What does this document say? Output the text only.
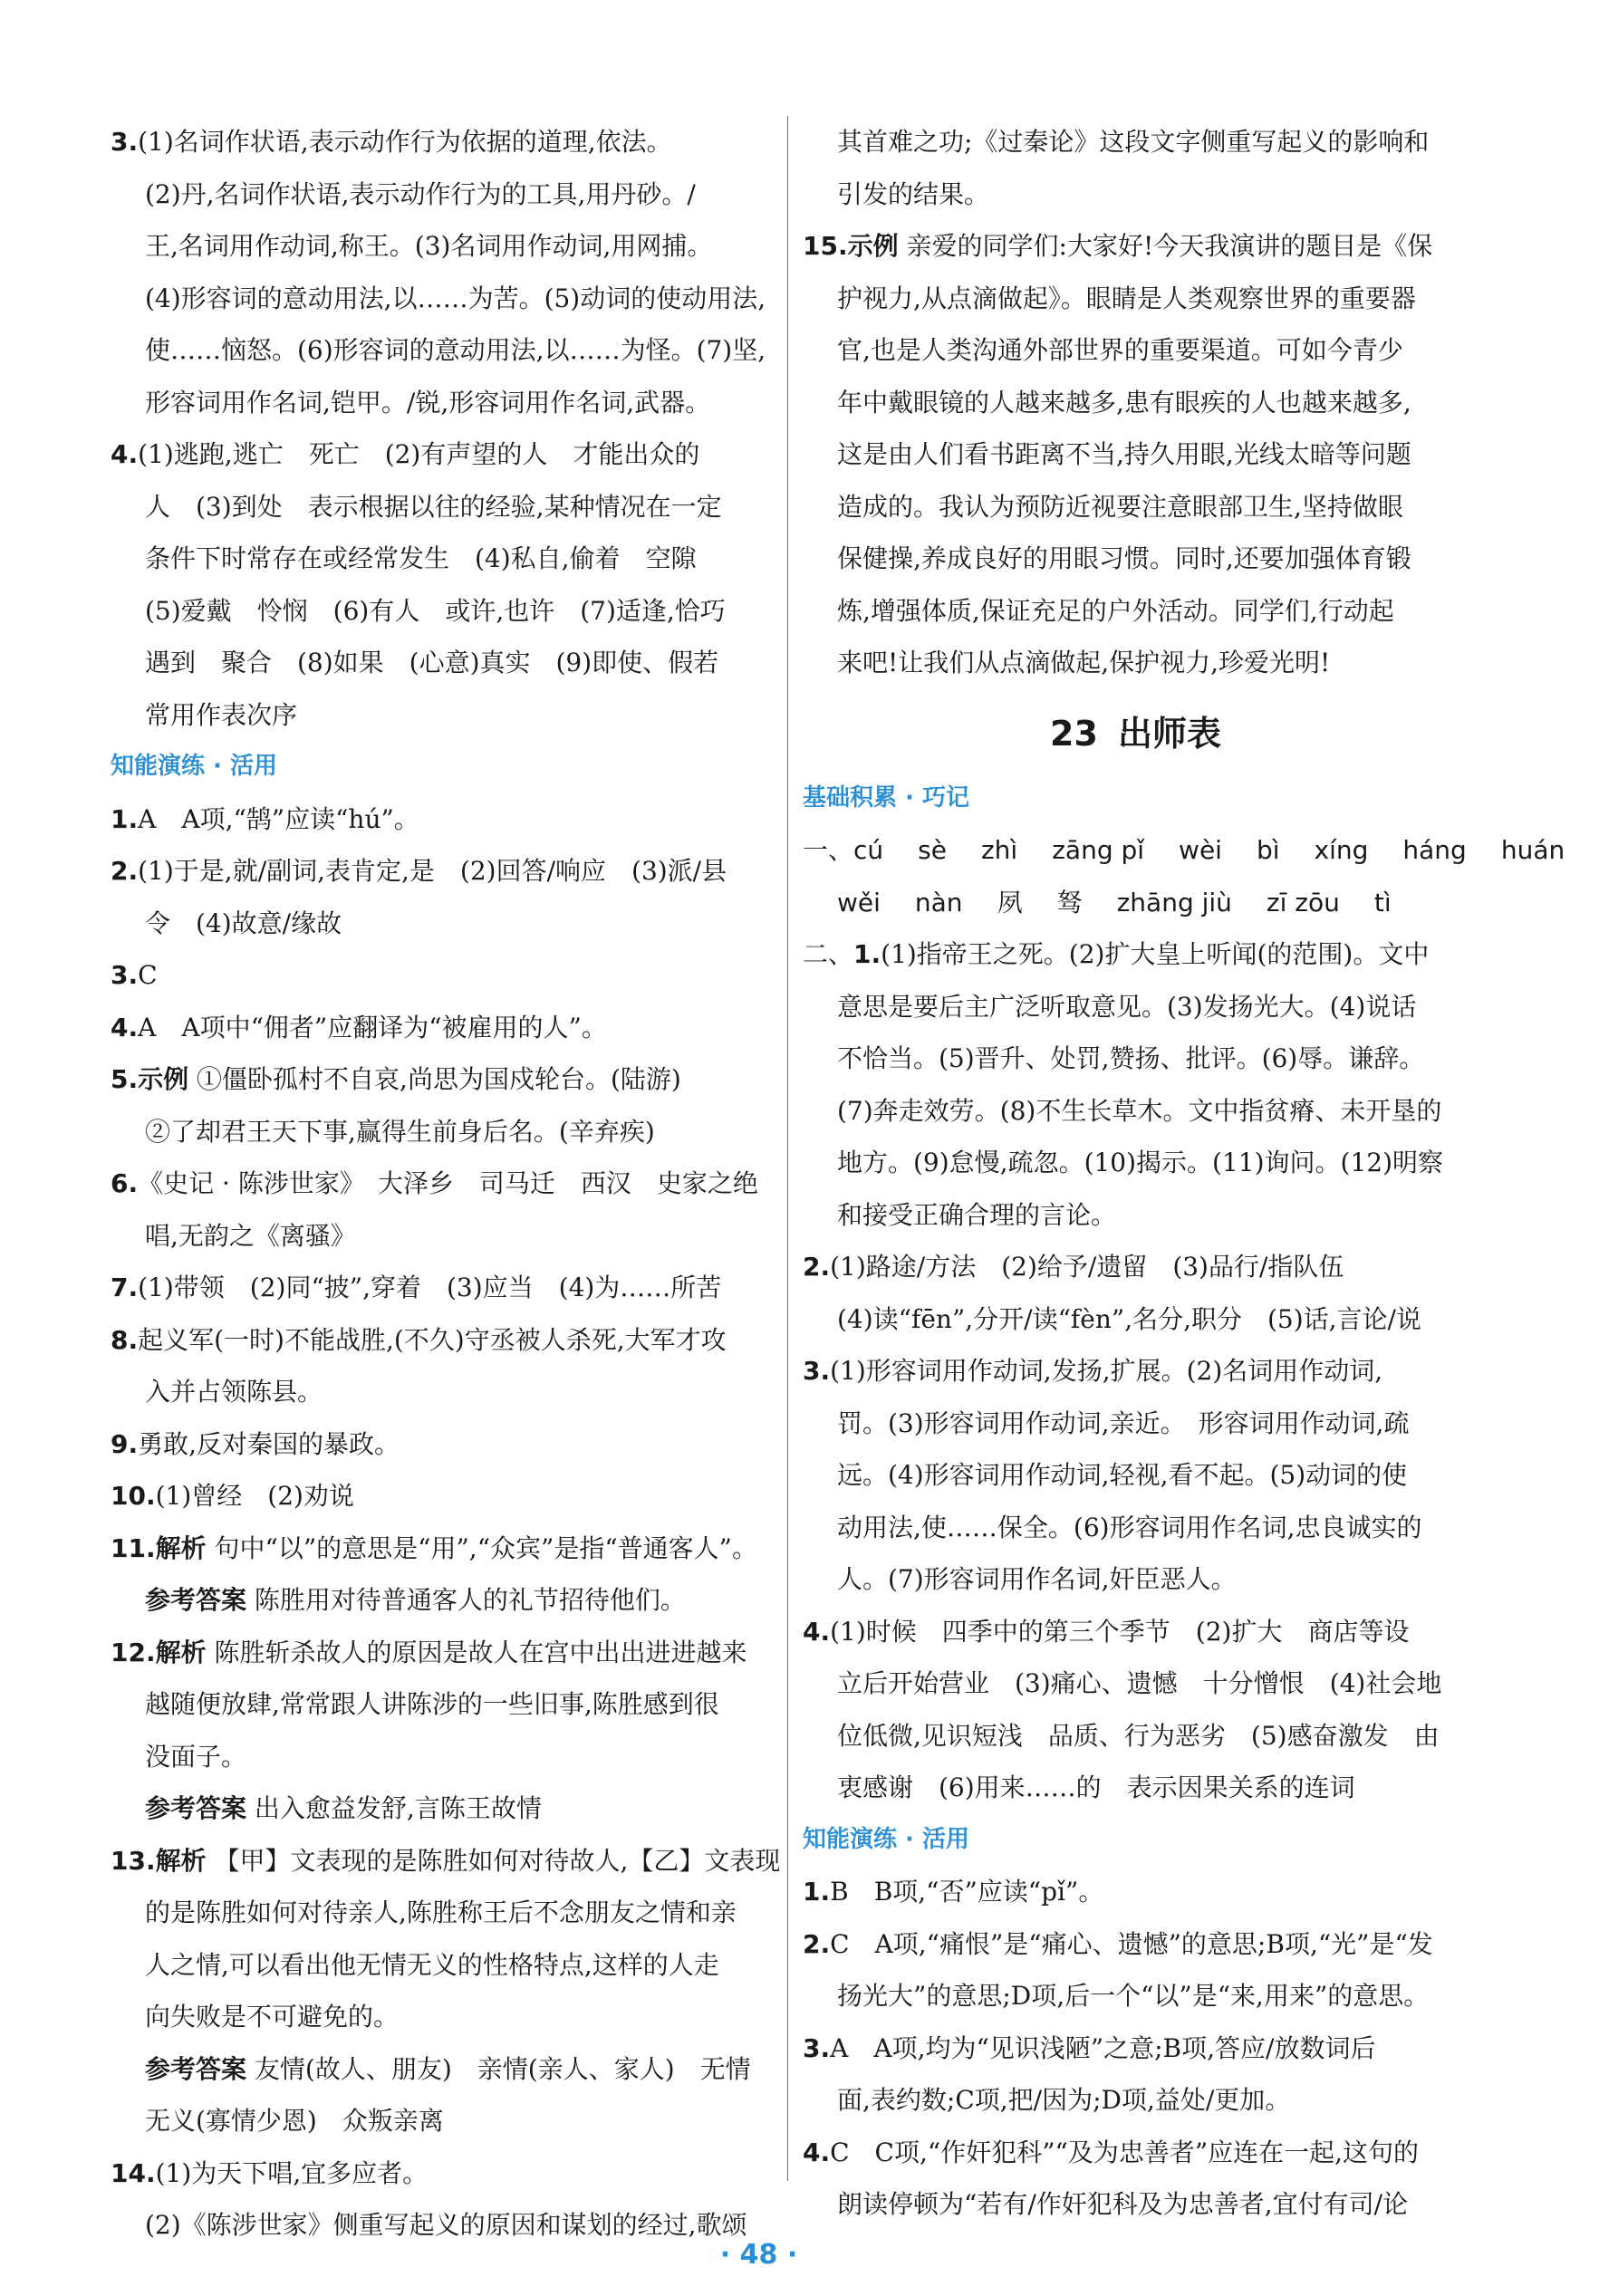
3.(1)名词作状语,表示动作行为依据的道理,依法。
(2)丹,名词作状语,表示动作行为的工具,用丹砂。/
王,名词用作动词,称王。(3)名词用作动词,用网捕。
(4)形容词的意动用法,以……为苦。(5)动词的使动用法,
使……恼怒。(6)形容词的意动用法,以……为怪。(7)坚,
形容词用作名词,铠甲。/锐,形容词用作名词,武器。
4.(1)逃跑,逃亡　死亡　(2)有声望的人　才能出众的
人　(3)到处　表示根据以往的经验,某种情况在一定
条件下时常存在或经常发生　(4)私自,偷着　空隙
(5)爱戴　怜悯　(6)有人　或许,也许　(7)适逢,恰巧
遇到　聚合　(8)如果　(心意)真实　(9)即使、假若
常用作表次序
知能演练 · 活用
1.A　A项,“鹄”应读“hú”。
2.(1)于是,就/副词,表肯定,是　(2)回答/响应　(3)派/县
令　(4)故意/缘故
3.C
4.A　A项中“佣者”应翻译为“被雇用的人”。
5.示例 ①僵卧孤村不自哀,尚思为国戍轮台。(陆游)
②了却君王天下事,赢得生前身后名。(辛弃疾)
6.《史记 · 陈涉世家》　大泽乡　司马迁　西汉　史家之绝
唱,无韵之《离骚》
7.(1)带领　(2)同“披”,穿着　(3)应当　(4)为……所苦
8.起义军(一时)不能战胜,(不久)守丞被人杀死,大军才攻
入并占领陈县。
9.勇敢,反对秦国的暴政。
10.(1)曾经　(2)劝说
11.解析 句中“以”的意思是“用”,“众宾”是指“普通客人”。
参考答案 陈胜用对待普通客人的礼节招待他们。
12.解析 陈胜斩杀故人的原因是故人在宫中出出进进越来
越随便放肆,常常跟人讲陈涉的一些旧事,陈胜感到很
没面子。
参考答案 出入愈益发舒,言陈王故情
13.解析 【甲】文表现的是陈胜如何对待故人,【乙】文表现
的是陈胜如何对待亲人,陈胜称王后不念朋友之情和亲
人之情,可以看出他无情无义的性格特点,这样的人走
向失败是不可避免的。
参考答案 友情(故人、朋友)　亲情(亲人、家人)　无情
无义(寡情少恩)　众叛亲离
14.(1)为天下唱,宜多应者。
(2)《陈涉世家》侧重写起义的原因和谋划的经过,歌颂
其首难之功;《过秦论》这段文字侧重写起义的影响和
引发的结果。
15.示例 亲爱的同学们:大家好!今天我演讲的题目是《保
护视力,从点滴做起》。眼睛是人类观察世界的重要器
官,也是人类沟通外部世界的重要渠道。可如今青少
年中戴眼镜的人越来越多,患有眼疾的人也越来越多,
这是由人们看书距离不当,持久用眼,光线太暗等问题
造成的。我认为预防近视要注意眼部卫生,坚持做眼
保健操,养成良好的用眼习惯。同时,还要加强体育锻
炼,增强体质,保证充足的户外活动。同学们,行动起
来吧!让我们从点滴做起,保护视力,珍爱光明!
23 出师表
基础积累 · 巧记
一、cú sè zhì zāng pǐ wèi bì xíng háng huán
wěi nàn 夙 驽 zhāng jiù zī zōu tì
二、1.(1)指帝王之死。(2)扩大皇上听闻(的范围)。文中
意思是要后主广泛听取意见。(3)发扬光大。(4)说话
不恰当。(5)晋升、处罚,赞扬、批评。(6)辱。谦辞。
(7)奔走效劳。(8)不生长草木。文中指贫瘠、未开垦的
地方。(9)怠慢,疏忽。(10)揭示。(11)询问。(12)明察
和接受正确合理的言论。
2.(1)路途/方法　(2)给予/遗留　(3)品行/指队伍
(4)读“fēn”,分开/读“fèn”,名分,职分　(5)话,言论/说
3.(1)形容词用作动词,发扬,扩展。(2)名词用作动词,
罚。(3)形容词用作动词,亲近。　形容词用作动词,疏
远。(4)形容词用作动词,轻视,看不起。(5)动词的使
动用法,使……保全。(6)形容词用作名词,忠良诚实的
人。(7)形容词用作名词,奸臣恶人。
4.(1)时候　四季中的第三个季节　(2)扩大　商店等设
立后开始营业　(3)痛心、遗憾　十分憎恨　(4)社会地
位低微,见识短浅　品质、行为恶劣　(5)感奋激发　由
衷感谢　(6)用来……的　表示因果关系的连词
知能演练 · 活用
1.B　B项,“否”应读“pǐ”。
2.C　A项,“痛恨”是“痛心、遗憾”的意思;B项,“光”是“发
扬光大”的意思;D项,后一个“以”是“来,用来”的意思。
3.A　A项,均为“见识浅陋”之意;B项,答应/放数词后
面,表约数;C项,把/因为;D项,益处/更加。
4.C　C项,“作奸犯科”“及为忠善者”应连在一起,这句的
朗读停顿为“若有/作奸犯科及为忠善者,宜付有司/论
· 48 ·
